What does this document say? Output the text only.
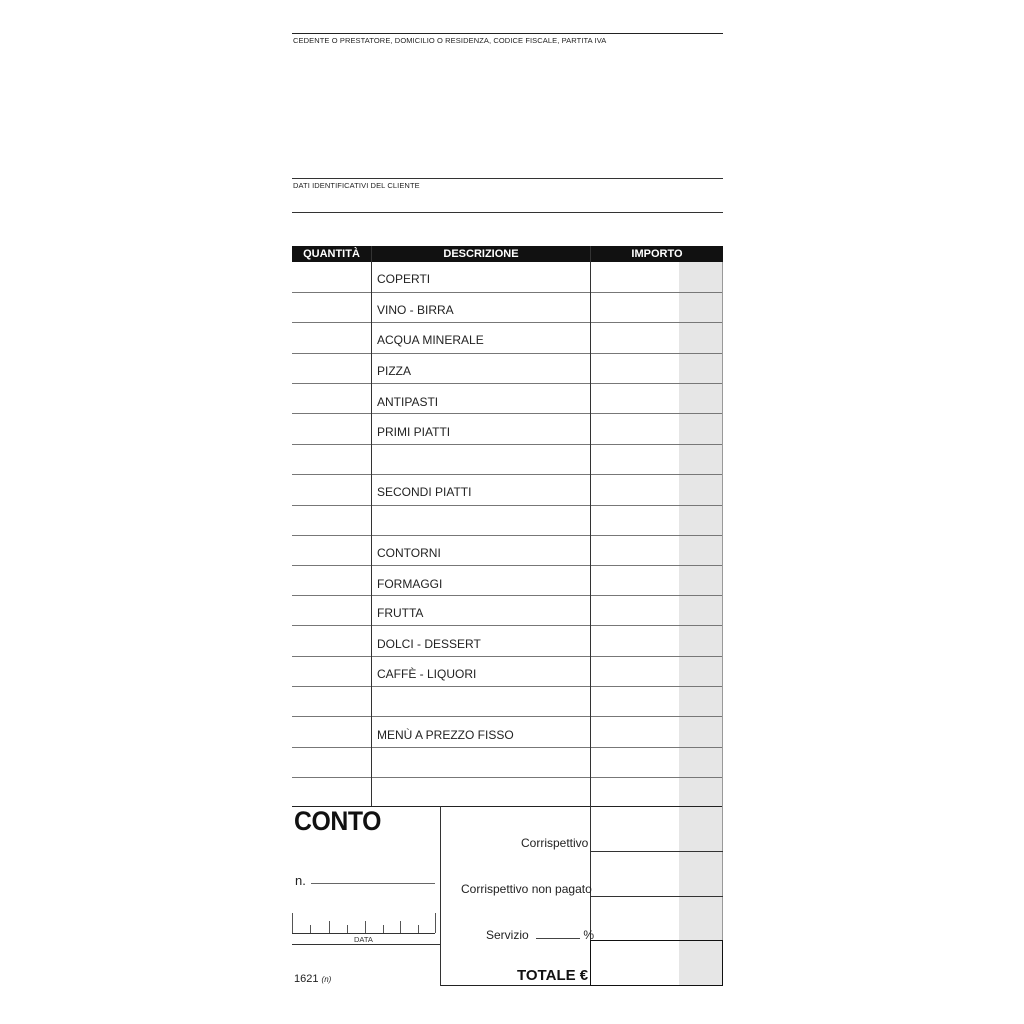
CEDENTE O PRESTATORE, DOMICILIO O RESIDENZA, CODICE FISCALE, PARTITA IVA
DATI IDENTIFICATIVI DEL CLIENTE
QUANTITÀ	DESCRIZIONE	IMPORTO
COPERTI
VINO - BIRRA
ACQUA MINERALE
PIZZA
ANTIPASTI
PRIMI PIATTI
SECONDI PIATTI
CONTORNI
FORMAGGI
FRUTTA
DOLCI - DESSERT
CAFFÈ - LIQUORI
MENÙ A PREZZO FISSO
CONTO
n.
DATA
1621 (n)
Corrispettivo
Corrispettivo non pagato
Servizio	%
TOTALE €
